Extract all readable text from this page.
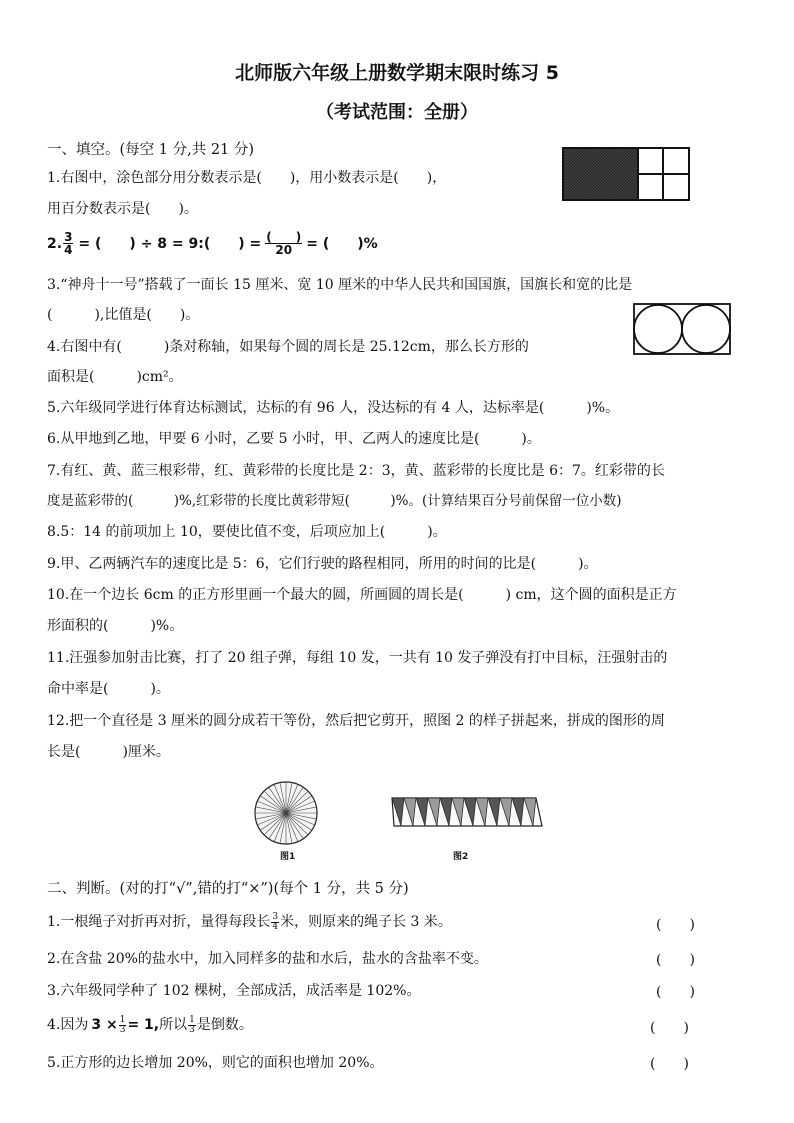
北师版六年级上册数学期末限时练习 5
（考试范围：全册）
一、填空。(每空 1 分,共 21 分)
1.右图中，涂色部分用分数表示是(　　)，用小数表示是(　　)，
用百分数表示是(　　)。
2. $\frac{3}{4}$ = (　　) ÷ 8 = 9:(　　) = $\frac{( )}{20}$ = (　　)%
3.“神舟十一号”搭载了一面长 15 厘米、宽 10 厘米的中华人民共和国国旗，国旗长和宽的比是
(　　　),比值是(　　)。
4.右图中有(　　　)条对称轴，如果每个圆的周长是 25.12cm，那么长方形的
面积是(　　　)cm²。
5.六年级同学进行体育达标测试，达标的有 96 人，没达标的有 4 人，达标率是(　　　)%。
6.从甲地到乙地，甲要 6 小时，乙要 5 小时，甲、乙两人的速度比是(　　　)。
7.有红、黄、蓝三根彩带，红、黄彩带的长度比是 2：3，黄、蓝彩带的长度比是 6：7。红彩带的长
度是蓝彩带的(　　　)%,红彩带的长度比黄彩带短(　　　)%。(计算结果百分号前保留一位小数)
8.5：14 的前项加上 10，要使比值不变，后项应加上(　　　)。
9.甲、乙两辆汽车的速度比是 5：6，它们行驶的路程相同，所用的时间的比是(　　　)。
10.在一个边长 6cm 的正方形里画一个最大的圆，所画圆的周长是(　　　) cm，这个圆的面积是正方
形面积的(　　　)%。
11.汪强参加射击比赛，打了 20 组子弹，每组 10 发，一共有 10 发子弹没有打中目标，汪强射击的
命中率是(　　　)。
12.把一个直径是 3 厘米的圆分成若干等份，然后把它剪开，照图 2 的样子拼起来，拼成的图形的周
长是(　　　)厘米。
图1	图2
二、判断。(对的打“√”,错的打“×”)(每个 1 分，共 5 分)
1.一根绳子对折再对折，量得每段长 $\frac{3}{4}$ 米，则原来的绳子长 3 米。	(　　)
2.在含盐 20%的盐水中，加入同样多的盐和水后，盐水的含盐率不变。	(　　)
3.六年级同学种了 102 棵树，全部成活，成活率是 102%。	(　　)
4.因为 $3 \times \frac{1}{3} = 1$, 所以 $\frac{1}{3}$ 是倒数。	(　　)
5.正方形的边长增加 20%，则它的面积也增加 20%。	(　　)
